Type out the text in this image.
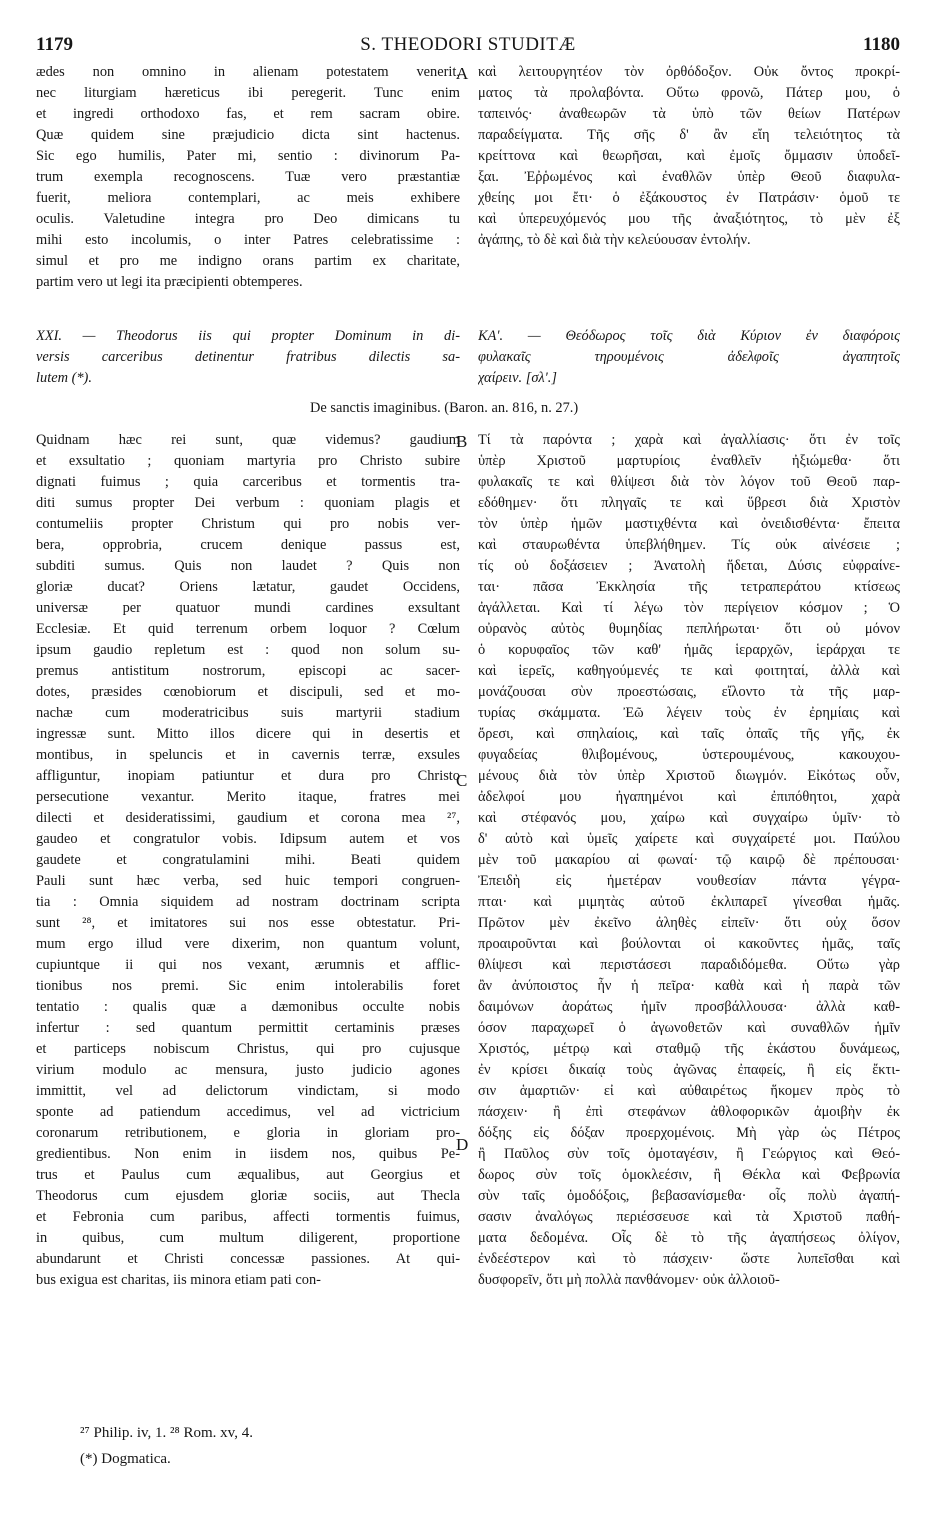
1179	S. THEODORI STUDITÆ	1180
ædes non omnino in alienam potestatem venerit,
nec liturgiam hæreticus ibi peregerit. Tunc enim
et ingredi orthodoxo fas, et rem sacram obire.
Quæ quidem sine præjudicio dicta sint hactenus.
Sic ego humilis, Pater mi, sentio : divinorum Pa-
trum exempla recognoscens. Tuæ vero præstantiæ
fuerit, meliora contemplari, ac meis exhibere
oculis. Valetudine integra pro Deo dimicans tu
mihi esto incolumis, o inter Patres celebratissime :
simul et pro me indigno orans partim ex charitate,
partim vero ut legi ita præcipienti obtemperes.
καὶ λειτουργητέον τὸν ὀρθόδοξον. Οὐκ ὄντος προκρί-
ματος τὰ προλαβόντα. Οὕτω φρονῶ, Πάτερ μου, ὁ
ταπεινός· ἀναθεωρῶν τὰ ὑπὸ τῶν θείων Πατέρων
παραδείγματα. Τῆς σῆς δ' ἂν εἴη τελειότητος τὰ
κρείττονα καὶ θεωρῆσαι, καὶ ἐμοῖς ὄμμασιν ὑποδεῖ-
ξαι. Ἐῤῥωμένος καὶ ἐναθλῶν ὑπὲρ Θεοῦ διαφυλα-
χθείης μοι ἔτι· ὁ ἐξάκουστος ἐν Πατράσιν· ὁμοῦ τε
καὶ ὑπερευχόμενός μου τῆς ἀναξιότητος, τὸ μὲν ἐξ
ἀγάπης, τὸ δὲ καὶ διὰ τὴν κελεύουσαν ἐντολήν.
XXI. — Theodorus iis qui propter Dominum in di-
versis carceribus detinentur fratribus dilectis sa-
lutem (*).
ΚΑ'. — Θεόδωρος τοῖς διὰ Κύριον ἐν διαφόροις
φυλακαῖς τηρουμένοις ἀδελφοῖς ἀγαπητοῖς
χαίρειν. [σλ'.]
De sanctis imaginibus. (Baron. an. 816, n. 27.)
Quidnam hæc rei sunt, quæ videmus? gaudium
et exsultatio ; quoniam martyria pro Christo subire
dignati fuimus ; quia carceribus et tormentis tra-
diti sumus propter Dei verbum : quoniam plagis et
contumeliis propter Christum qui pro nobis ver-
bera, opprobria, crucem denique passus est,
subditi sumus. Quis non laudet ? Quis non
gloriæ ducat? Oriens lætatur, gaudet Occidens,
universæ per quatuor mundi cardines exsultant
Ecclesiæ. Et quid terrenum orbem loquor ? Cœlum
ipsum gaudio repletum est : quod non solum su-
premus antistitum nostrorum, episcopi ac sacer-
dotes, præsides cœnobiorum et discipuli, sed et mo-
nachæ cum moderatricibus suis martyrii stadium
ingressæ sunt. Mitto illos dicere qui in desertis et
montibus, in speluncis et in cavernis terræ, exsules
affliguntur, inopiam patiuntur et dura pro Christo
persecutione vexantur. Merito itaque, fratres mei
dilecti et desideratissimi, gaudium et corona mea ²⁷,
gaudeo et congratulor vobis. Idipsum autem et vos
gaudete et congratulamini mihi. Beati quidem
Pauli sunt hæc verba, sed huic tempori congruen-
tia : Omnia siquidem ad nostram doctrinam scripta
sunt ²⁸, et imitatores sui nos esse obtestatur. Pri-
mum ergo illud vere dixerim, non quantum volunt,
cupiuntque ii qui nos vexant, ærumnis et afflic-
tionibus nos premi. Sic enim intolerabilis foret
tentatio : qualis quæ a dæmonibus occulte nobis
infertur : sed quantum permittit certaminis præses
et particeps nobiscum Christus, qui pro cujusque
virium modulo ac mensura, justo judicio agones
immittit, vel ad delictorum vindictam, si modo
sponte ad patiendum accedimus, vel ad victricium
coronarum retributionem, e gloria in gloriam pro-
gredientibus. Non enim in iisdem nos, quibus Pe-
trus et Paulus cum æqualibus, aut Georgius et
Theodorus cum ejusdem gloriæ sociis, aut Thecla
et Febronia cum paribus, affecti tormentis fuimus,
in quibus, cum multum diligerent, proportione
abundarunt et Christi concessæ passiones. At qui-
bus exigua est charitas, iis minora etiam pati con-
Τί τὰ παρόντα ; χαρὰ καὶ ἀγαλλίασις· ὅτι ἐν τοῖς
ὑπὲρ Χριστοῦ μαρτυρίοις ἐναθλεῖν ἠξιώμεθα· ὅτι
φυλακαῖς τε καὶ θλίψεσι διὰ τὸν λόγον τοῦ Θεοῦ παρ-
εδόθημεν· ὅτι πληγαῖς τε καὶ ὕβρεσι διὰ Χριστὸν
τὸν ὑπὲρ ἡμῶν μαστιχθέντα καὶ ὀνειδισθέντα· ἔπειτα
καὶ σταυρωθέντα ὑπεβλήθημεν. Τίς οὐκ αἰνέσειε ;
τίς οὐ δοξάσειεν ; Ἀνατολὴ ἥδεται, Δύσις εὐφραίνε-
ται· πᾶσα Ἐκκλησία τῆς τετραπεράτου κτίσεως
ἀγάλλεται. Καὶ τί λέγω τὸν περίγειον κόσμον ; Ὁ
οὐρανὸς αὐτὸς θυμηδίας πεπλήρωται· ὅτι οὐ μόνον
ὁ κορυφαῖος τῶν καθ' ἡμᾶς ἱεραρχῶν, ἱεράρχαι τε
καὶ ἱερεῖς, καθηγούμενές τε καὶ φοιτηταί, ἀλλὰ καὶ
μονάζουσαι σὺν προεστώσαις, εἴλοντο τὰ τῆς μαρ-
τυρίας σκάμματα. Ἐῶ λέγειν τοὺς ἐν ἐρημίαις καὶ
ὄρεσι, καὶ σπηλαίοις, καὶ ταῖς ὀπαῖς τῆς γῆς, ἐκ
φυγαδείας θλιβομένους, ὑστερουμένους, κακουχου-
μένους διὰ τὸν ὑπὲρ Χριστοῦ διωγμόν. Εἰκότως οὖν,
ἀδελφοί μου ἠγαπημένοι καὶ ἐπιπόθητοι, χαρὰ
καὶ στέφανός μου, χαίρω καὶ συγχαίρω ὑμῖν· τὸ
δ' αὐτὸ καὶ ὑμεῖς χαίρετε καὶ συγχαίρετέ μοι. Παύλου
μὲν τοῦ μακαρίου αἱ φωναί· τῷ καιρῷ δὲ πρέπουσαι·
Ἐπειδὴ εἰς ἡμετέραν νουθεσίαν πάντα γέγρα-
πται· καὶ μιμητὰς αὐτοῦ ἐκλιπαρεῖ γίνεσθαι ἡμᾶς.
Πρῶτον μὲν ἐκεῖνο ἀληθὲς εἰπεῖν· ὅτι οὐχ ὅσον
προαιροῦνται καὶ βούλονται οἱ κακοῦντες ἡμᾶς, ταῖς
θλίψεσι καὶ περιστάσεσι παραδιδόμεθα. Οὕτω γὰρ
ἂν ἀνύποιστος ἦν ἡ πεῖρα· καθὰ καὶ ἡ παρὰ τῶν
δαιμόνων ἀοράτως ἡμῖν προσβάλλουσα· ἀλλὰ καθ-
όσον παραχωρεῖ ὁ ἀγωνοθετῶν καὶ συναθλῶν ἡμῖν
Χριστός, μέτρῳ καὶ σταθμῷ τῆς ἑκάστου δυνάμεως,
ἐν κρίσει δικαίᾳ τοὺς ἀγῶνας ἐπαφείς, ἢ εἰς ἔκτι-
σιν ἁμαρτιῶν· εἰ καὶ αὐθαιρέτως ἥκομεν πρὸς τὸ
πάσχειν· ἢ ἐπὶ στεφάνων ἀθλοφορικῶν ἀμοιβὴν ἐκ
δόξης εἰς δόξαν προερχομένοις. Μὴ γὰρ ὡς Πέτρος
ἢ Παῦλος σὺν τοῖς ὁμοταγέσιν, ἢ Γεώργιος καὶ Θεό-
δωρος σὺν τοῖς ὁμοκλεέσιν, ἢ Θέκλα καὶ Φεβρωνία
σὺν ταῖς ὁμοδόξοις, βεβασανίσμεθα· οἷς πολὺ ἀγαπή-
σασιν ἀναλόγως περιέσσευσε καὶ τὰ Χριστοῦ παθή-
ματα δεδομένα. Οἷς δὲ τὸ τῆς ἀγαπήσεως ὀλίγον,
ἐνδεέστερον καὶ τὸ πάσχειν· ὥστε λυπεῖσθαι καὶ
δυσφορεῖν, ὅτι μὴ πολλὰ πανθάνομεν· οὐκ ἀλλοιοῦ-
A
B
C
D
²⁷ Philip. iv, 1. ²⁸ Rom. xv, 4.
(*) Dogmatica.
